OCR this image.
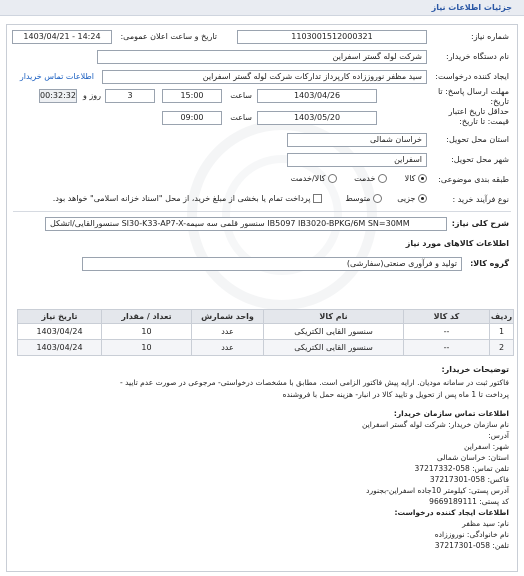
جزئیات اطلاعات نیاز
شماره نیاز:
1103001512000321
تاریخ و ساعت اعلان عمومی:
1403/04/21 - 14:24
نام دستگاه خریدار:
شرکت لوله گستر اسفراین
ایجاد کننده درخواست:
سید مظفر نوروززاده کارپرداز تدارکات شرکت لوله گستر اسفراین
اطلاعات تماس خریدار
مهلت ارسال پاسخ: تا تاریخ:
1403/04/26
ساعت
15:00
3
روز و
00:32:32
حداقل تاریخ اعتبار قیمت: تا تاریخ:
1403/05/20
ساعت
09:00
استان محل تحویل:
خراسان شمالی
شهر محل تحویل:
اسفراین
طبقه بندی موضوعی:
کالا
خدمت
کالا/خدمت
نوع فرآیند خرید :
جزیی
متوسط
پرداخت تمام یا بخشی از مبلغ خرید، از محل "اسناد خزانه اسلامی" خواهد بود.
شرح کلی نیاز:
سنسورالقایی/اتشکل SI30-K33-AP7-X-سنسور قلمی سه سیمه IB5097 IB3020-BPKG/6M SN=30MM
اطلاعات کالاهای مورد نیاز
گروه کالا:
تولید و فرآوری صنعتی(سفارشی)
ردیف	کد کالا	نام کالا	واحد شمارش	تعداد / مقدار	تاریخ نیاز
1	--	سنسور القایی الکتریکی	عدد	10	1403/04/24
2	--	سنسور القایی الکتریکی	عدد	10	1403/04/24
توضیحات خریدار:
فاکتور ثبت در سامانه مودیان. ارایه پیش فاکتور الزامی است. مطابق با مشخصات درخواستی- مرجوعی در صورت عدم تایید -
پرداخت تا 1 ماه پس از تحویل و تایید کالا در انبار- هزینه حمل با فروشنده
اطلاعات تماس سازمان خریدار:
نام سازمان خریدار: شرکت لوله گستر اسفراین
آدرس:
شهر: اسفراین
استان: خراسان شمالی
تلفن تماس: 058-37217332
فاکس: 058-37217301
آدرس پستی: کیلومتر 10جاده اسفراین-بجنورد
کد پستی: 9669189111
اطلاعات ایجاد کننده درخواست:
نام: سید مظفر
نام خانوادگی: نوروززاده
تلفن: 058-37217301
